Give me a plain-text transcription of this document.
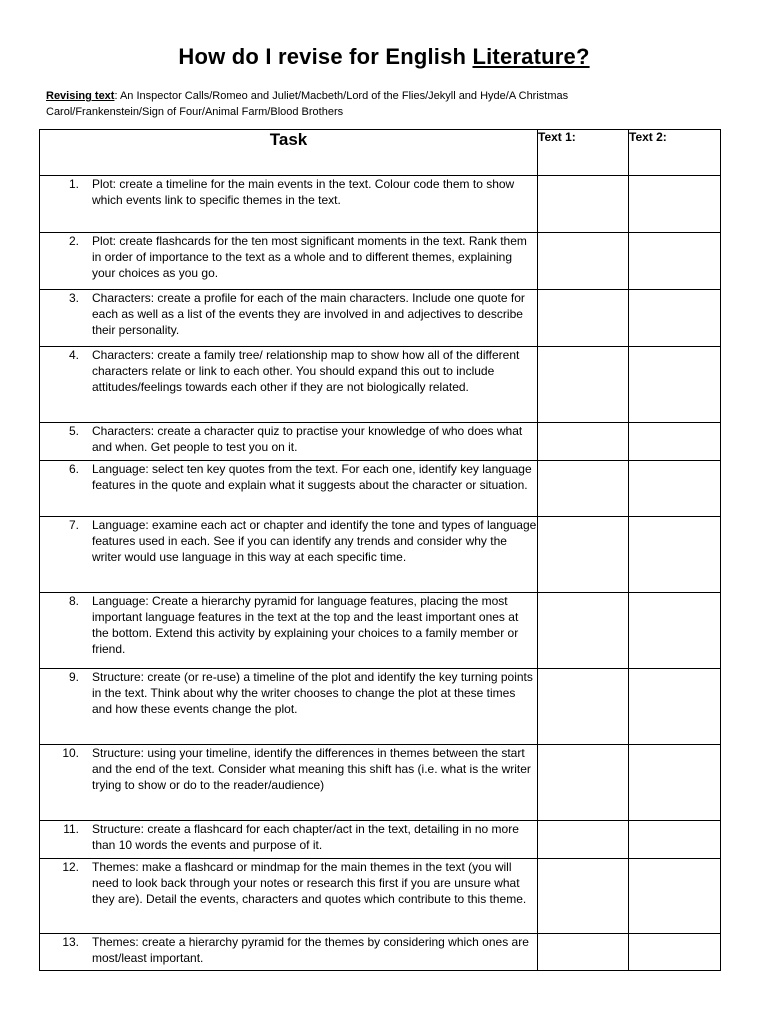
How do I revise for English Literature?
Revising text: An Inspector Calls/Romeo and Juliet/Macbeth/Lord of the Flies/Jekyll and Hyde/A Christmas Carol/Frankenstein/Sign of Four/Animal Farm/Blood Brothers
Task	Text 1:	Text 2:

1. Plot: create a timeline for the main events in the text. Colour code them to show which events link to specific themes in the text.		

2. Plot: create flashcards for the ten most significant moments in the text. Rank them in order of importance to the text as a whole and to different themes, explaining your choices as you go.		

3. Characters: create a profile for each of the main characters. Include one quote for each as well as a list of the events they are involved in and adjectives to describe their personality.		

4. Characters: create a family tree/ relationship map to show how all of the different characters relate or link to each other. You should expand this out to include attitudes/feelings towards each other if they are not biologically related.		

5. Characters: create a character quiz to practise your knowledge of who does what and when. Get people to test you on it.		

6. Language: select ten key quotes from the text. For each one, identify key language features in the quote and explain what it suggests about the character or situation.		

7. Language: examine each act or chapter and identify the tone and types of language features used in each. See if you can identify any trends and consider why the writer would use language in this way at each specific time.		

8. Language: Create a hierarchy pyramid for language features, placing the most important language features in the text at the top and the least important ones at the bottom. Extend this activity by explaining your choices to a family member or friend.		

9. Structure: create (or re-use) a timeline of the plot and identify the key turning points in the text. Think about why the writer chooses to change the plot at these times and how these events change the plot.		

10. Structure: using your timeline, identify the differences in themes between the start and the end of the text. Consider what meaning this shift has (i.e. what is the writer trying to show or do to the reader/audience)		

11. Structure: create a flashcard for each chapter/act in the text, detailing in no more than 10 words the events and purpose of it.		

12. Themes: make a flashcard or mindmap for the main themes in the text (you will need to look back through your notes or research this first if you are unsure what they are). Detail the events, characters and quotes which contribute to this theme.		

13. Themes: create a hierarchy pyramid for the themes by considering which ones are most/least important.		
